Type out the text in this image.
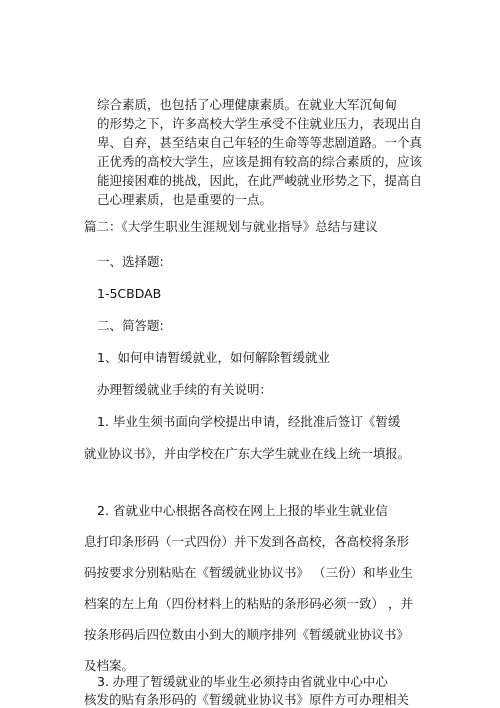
综合素质，也包括了心理健康素质。在就业大军沉甸甸
的形势之下，许多高校大学生承受不住就业压力，表现出自
卑、自弃，甚至结束自己年轻的生命等等悲剧道路。一个真
正优秀的高校大学生，应该是拥有较高的综合素质的，应该
能迎接困难的挑战，因此，在此严峻就业形势之下，提高自
己心理素质，也是重要的一点。
篇二：《大学生职业生涯规划与就业指导》总结与建议
一、选择题:
1-5CBDAB
二、简答题:
1、如何申请暂缓就业，如何解除暂缓就业
办理暂缓就业手续的有关说明：
1. 毕业生须书面向学校提出申请，经批准后签订《暂缓
就业协议书》，并由学校在广东大学生就业在线上统一填报。
2. 省就业中心根据各高校在网上上报的毕业生就业信
息打印条形码（一式四份）并下发到各高校，各高校将条形
码按要求分别粘贴在《暂缓就业协议书》 （三份）和毕业生
档案的左上角（四份材料上的粘贴的条形码必须一致） ，并
按条形码后四位数由小到大的顺序排列《暂缓就业协议书》
及档案。
3. 办理了暂缓就业的毕业生必须持由省就业中心中心
核发的贴有条形码的《暂缓就业协议书》原件方可办理相关
